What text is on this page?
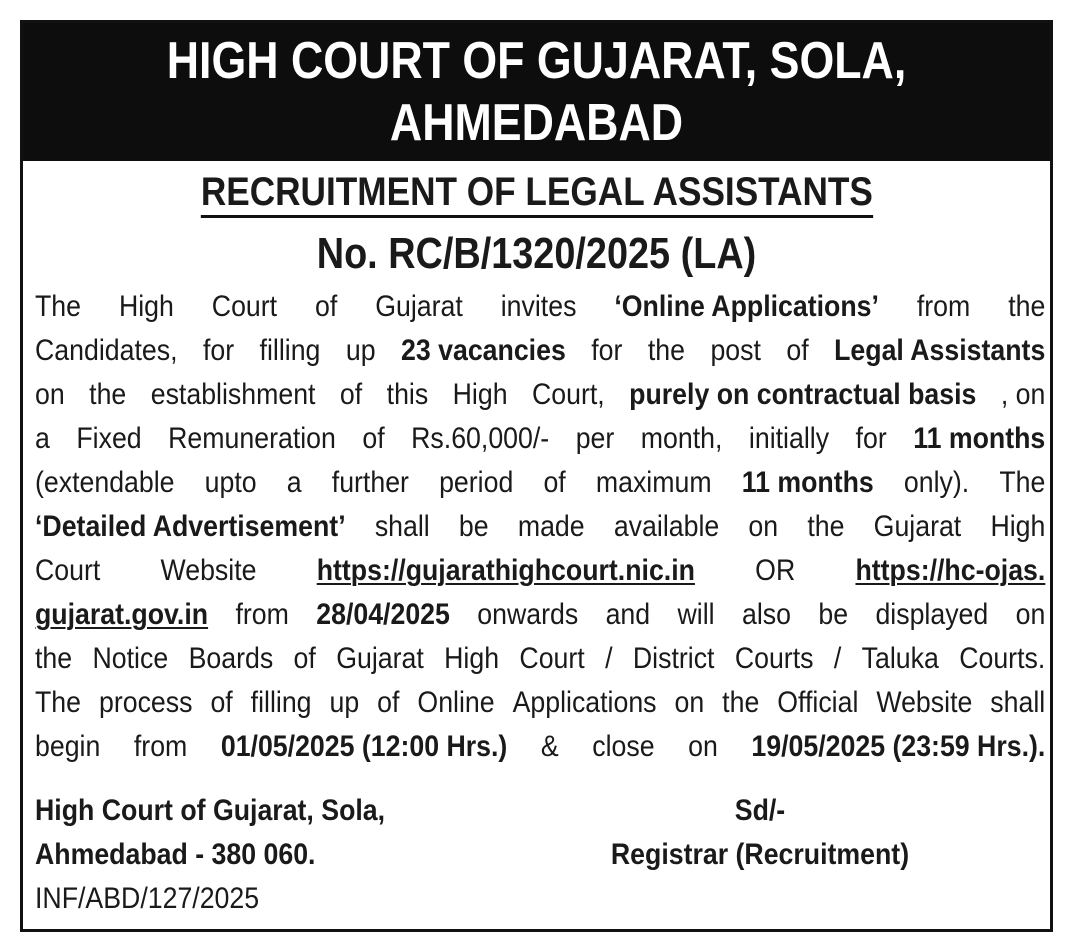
HIGH COURT OF GUJARAT, SOLA,
AHMEDABAD
RECRUITMENT OF LEGAL ASSISTANTS
No. RC/B/1320/2025 (LA)
The High Court of Gujarat invites ‘Online Applications’ from the
Candidates, for filling up 23 vacancies for the post of Legal Assistants
on the establishment of this High Court, purely on contractual basis , on
a Fixed Remuneration of Rs.60,000/- per month, initially for 11 months
(extendable upto a further period of maximum 11 months only). The
‘Detailed Advertisement’ shall be made available on the Gujarat High
Court Website https://gujarathighcourt.nic.in OR https://hc-ojas.
gujarat.gov.in from 28/04/2025 onwards and will also be displayed on
the Notice Boards of Gujarat High Court / District Courts / Taluka Courts.
The process of filling up of Online Applications on the Official Website shall
begin from 01/05/2025 (12:00 Hrs.) & close on 19/05/2025 (23:59 Hrs.).
High Court of Gujarat, Sola,
Ahmedabad - 380 060.
INF/ABD/127/2025
Sd/-
Registrar (Recruitment)
